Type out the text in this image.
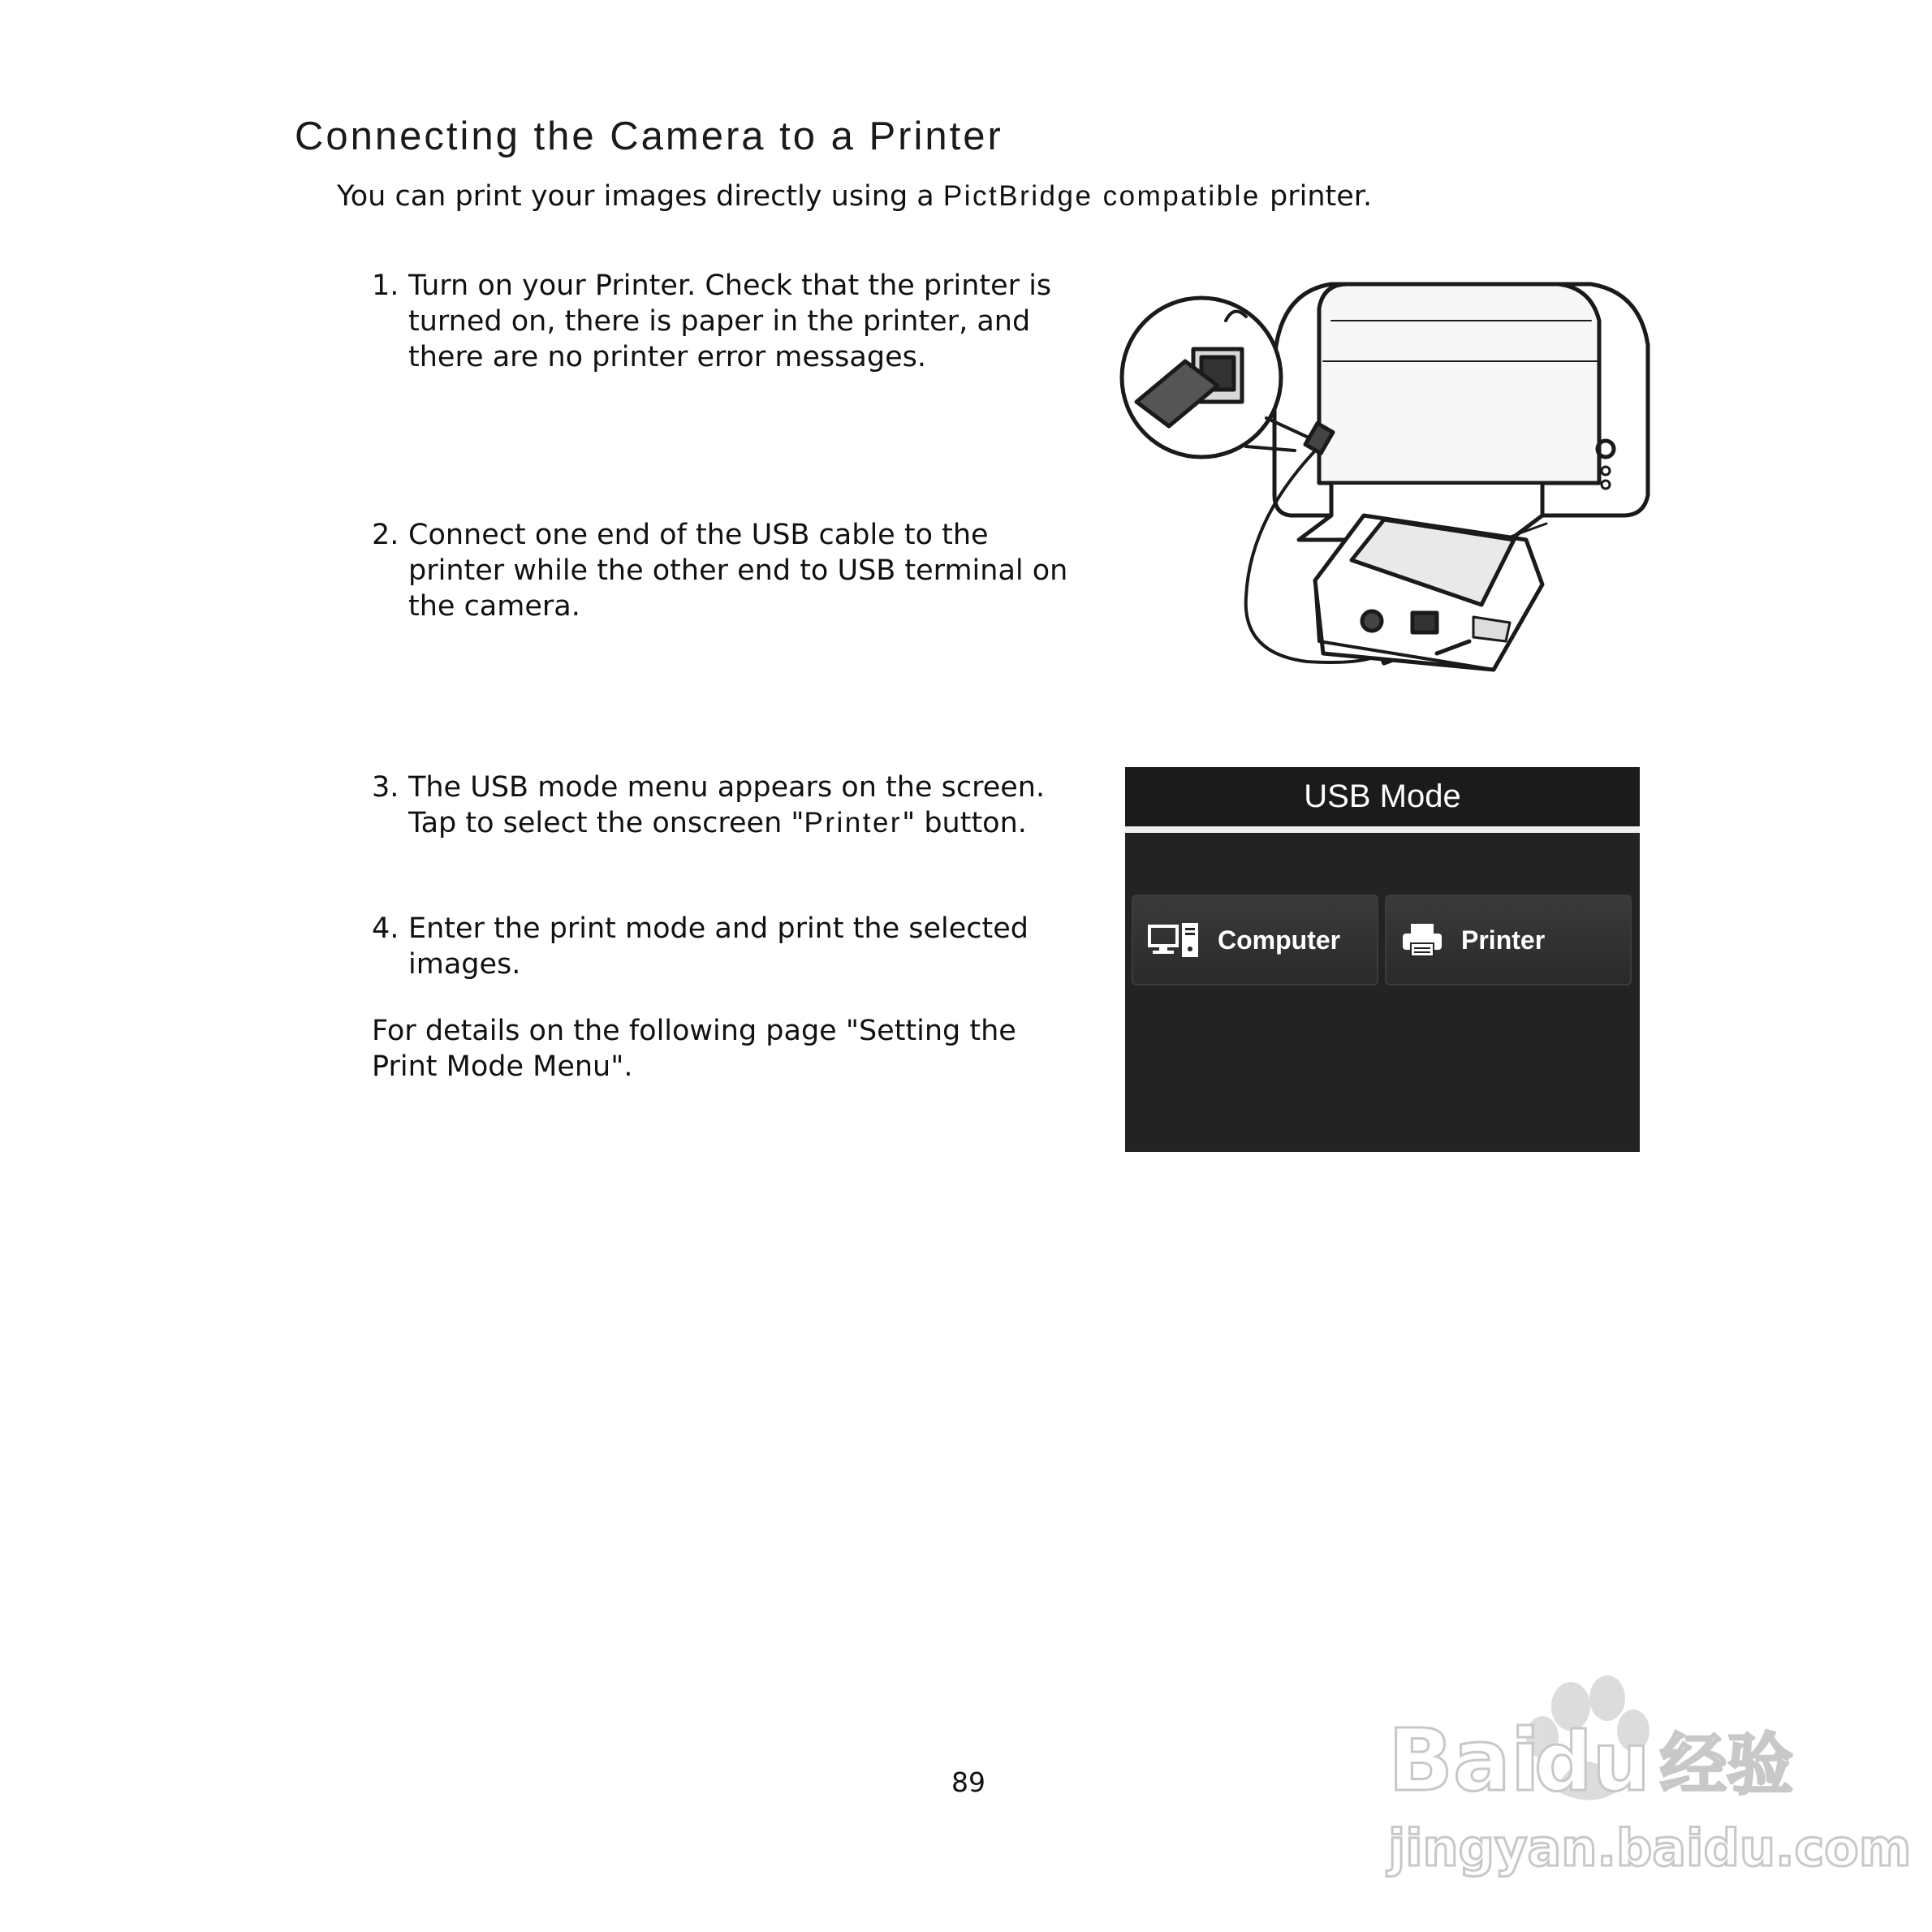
Connecting the Camera to a Printer
You can print your images directly using a PictBridge compatible printer.
1. Turn on your Printer. Check that the printer is turned on, there is paper in the printer, and there are no printer error messages.
2. Connect one end of the USB cable to the printer while the other end to USB terminal on the camera.
3. The USB mode menu appears on the screen. Tap to select the onscreen "Printer" button.
4. Enter the print mode and print the selected images.
For details on the following page "Setting the Print Mode Menu".
USB Mode
Computer	Printer
89	Bai
du 经验
jingyan.baidu.com
